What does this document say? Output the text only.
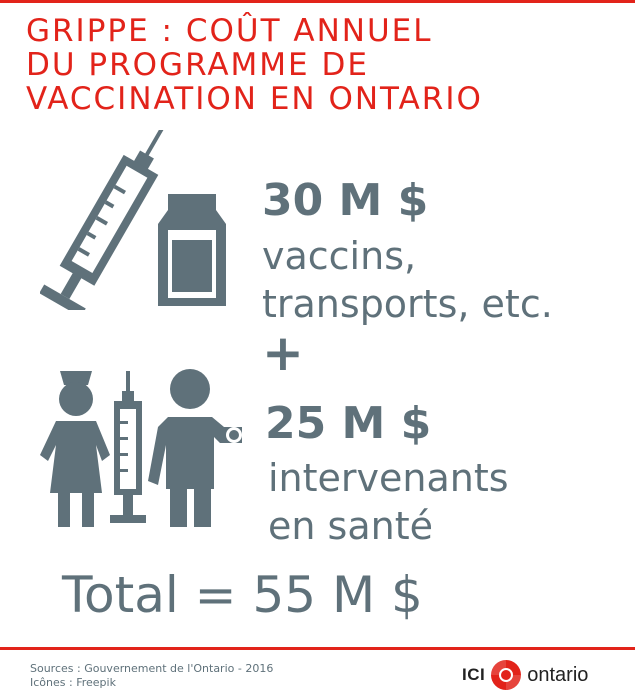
GRIPPE : COÛT ANNUEL
DU PROGRAMME DE
VACCINATION EN ONTARIO
30 M $
vaccins,
transports, etc.
+
25 M $
intervenants
en santé
Total = 55 M $
Sources : Gouvernement de l'Ontario - 2016
Icônes : Freepik	ICI ontario
